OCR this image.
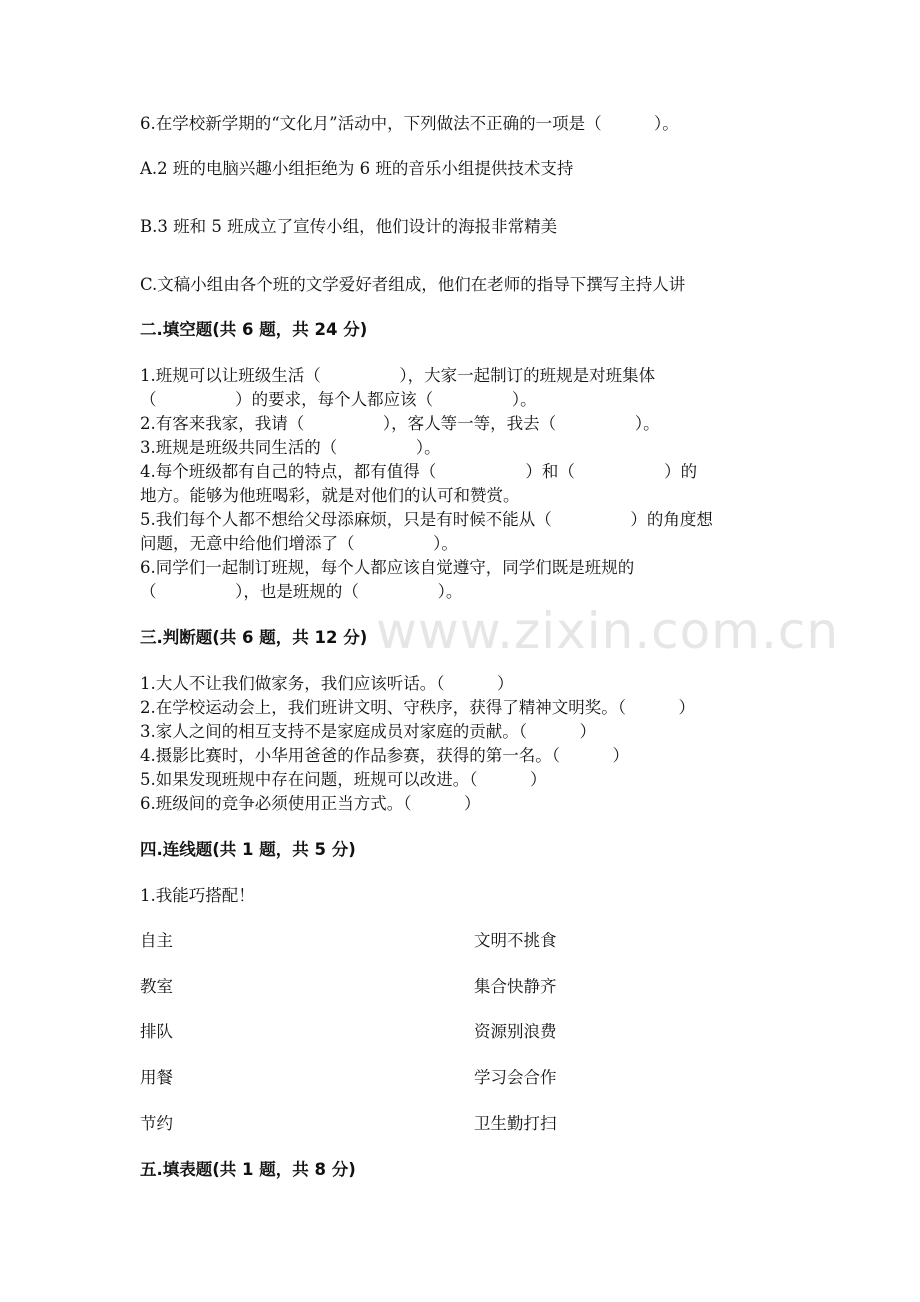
www.zixin.com.cn
6.在学校新学期的“文化月”活动中，下列做法不正确的一项是（          ）。
A.2 班的电脑兴趣小组拒绝为 6 班的音乐小组提供技术支持
B.3 班和 5 班成立了宣传小组，他们设计的海报非常精美
C.文稿小组由各个班的文学爱好者组成，他们在老师的指导下撰写主持人讲
二.填空题(共 6 题，共 24 分)
1.班规可以让班级生活（               ），大家一起制订的班规是对班集体
（               ）的要求，每个人都应该（               ）。
2.有客来我家，我请（               ），客人等一等，我去（               ）。
3.班规是班级共同生活的（               ）。
4.每个班级都有自己的特点，都有值得（                 ）和（                 ）的
地方。能够为他班喝彩，就是对他们的认可和赞赏。
5.我们每个人都不想给父母添麻烦，只是有时候不能从（               ）的角度想
问题，无意中给他们增添了（               ）。
6.同学们一起制订班规，每个人都应该自觉遵守，同学们既是班规的
（               ），也是班规的（               ）。
三.判断题(共 6 题，共 12 分)
1.大人不让我们做家务，我们应该听话。（          ）
2.在学校运动会上，我们班讲文明、守秩序，获得了精神文明奖。（          ）
3.家人之间的相互支持不是家庭成员对家庭的贡献。（          ）
4.摄影比赛时，小华用爸爸的作品参赛，获得的第一名。（          ）
5.如果发现班规中存在问题，班规可以改进。（          ）
6.班级间的竞争必须使用正当方式。（          ）
四.连线题(共 1 题，共 5 分)
1.我能巧搭配！
自主
教室
排队
用餐
节约
文明不挑食
集合快静齐
资源别浪费
学习会合作
卫生勤打扫
五.填表题(共 1 题，共 8 分)
